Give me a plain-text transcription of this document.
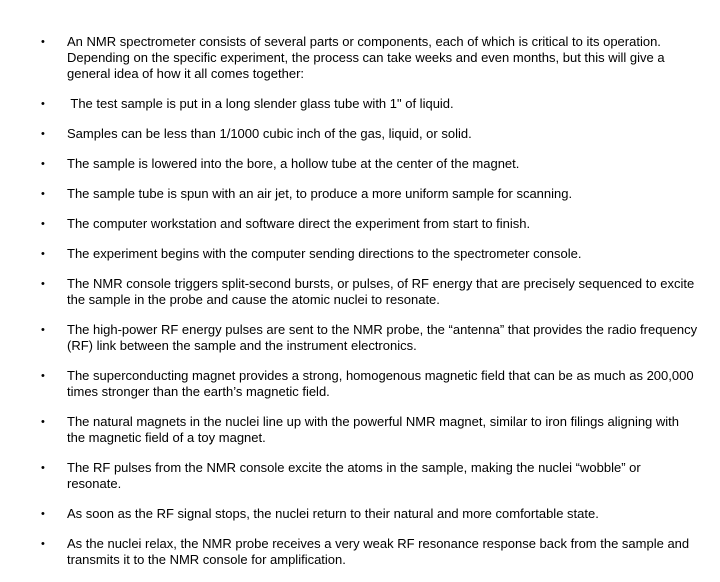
• An NMR spectrometer consists of several parts or components, each of which is critical to its operation. Depending on the specific experiment, the process can take weeks and even months, but this will give a general idea of how it all comes together:
• The test sample is put in a long slender glass tube with 1" of liquid.
• Samples can be less than 1/1000 cubic inch of the gas, liquid, or solid.
• The sample is lowered into the bore, a hollow tube at the center of the magnet.
• The sample tube is spun with an air jet, to produce a more uniform sample for scanning.
• The computer workstation and software direct the experiment from start to finish.
• The experiment begins with the computer sending directions to the spectrometer console.
• The NMR console triggers split-second bursts, or pulses, of RF energy that are precisely sequenced to excite the sample in the probe and cause the atomic nuclei to resonate.
• The high-power RF energy pulses are sent to the NMR probe, the “antenna” that provides the radio frequency (RF) link between the sample and the instrument electronics.
• The superconducting magnet provides a strong, homogenous magnetic field that can be as much as 200,000 times stronger than the earth’s magnetic field.
• The natural magnets in the nuclei line up with the powerful NMR magnet, similar to iron filings aligning with the magnetic field of a toy magnet.
• The RF pulses from the NMR console excite the atoms in the sample, making the nuclei “wobble” or resonate.
• As soon as the RF signal stops, the nuclei return to their natural and more comfortable state.
• As the nuclei relax, the NMR probe receives a very weak RF resonance response back from the sample and transmits it to the NMR console for amplification.
